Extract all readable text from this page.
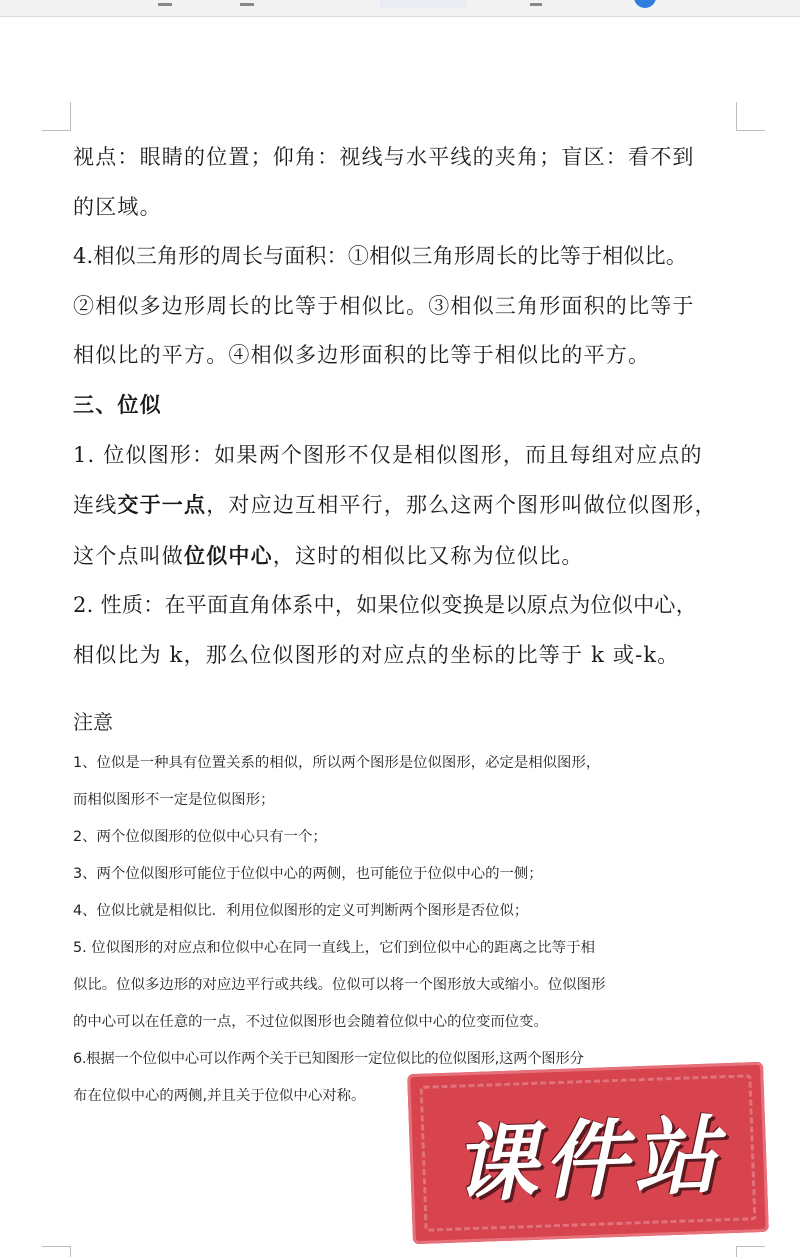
视点：眼睛的位置；仰角：视线与水平线的夹角；盲区：看不到

的区域。

4.相似三角形的周长与面积：①相似三角形周长的比等于相似比。

②相似多边形周长的比等于相似比。③相似三角形面积的比等于

相似比的平方。④相似多边形面积的比等于相似比的平方。

三、位似

1. 位似图形：如果两个图形不仅是相似图形，而且每组对应点的

连线交于一点，对应边互相平行，那么这两个图形叫做位似图形，

这个点叫做位似中心，这时的相似比又称为位似比。

2. 性质：在平面直角体系中，如果位似变换是以原点为位似中心，

相似比为 k，那么位似图形的对应点的坐标的比等于 k 或-k。

注意

1、位似是一种具有位置关系的相似，所以两个图形是位似图形，必定是相似图形，

而相似图形不一定是位似图形；

2、两个位似图形的位似中心只有一个；

3、两个位似图形可能位于位似中心的两侧，也可能位于位似中心的一侧；

4、位似比就是相似比．利用位似图形的定义可判断两个图形是否位似；

5. 位似图形的对应点和位似中心在同一直线上，它们到位似中心的距离之比等于相

似比。位似多边形的对应边平行或共线。位似可以将一个图形放大或缩小。位似图形

的中心可以在任意的一点，不过位似图形也会随着位似中心的位变而位变。

6.根据一个位似中心可以作两个关于已知图形一定位似比的位似图形,这两个图形分

布在位似中心的两侧,并且关于位似中心对称。

课件站
